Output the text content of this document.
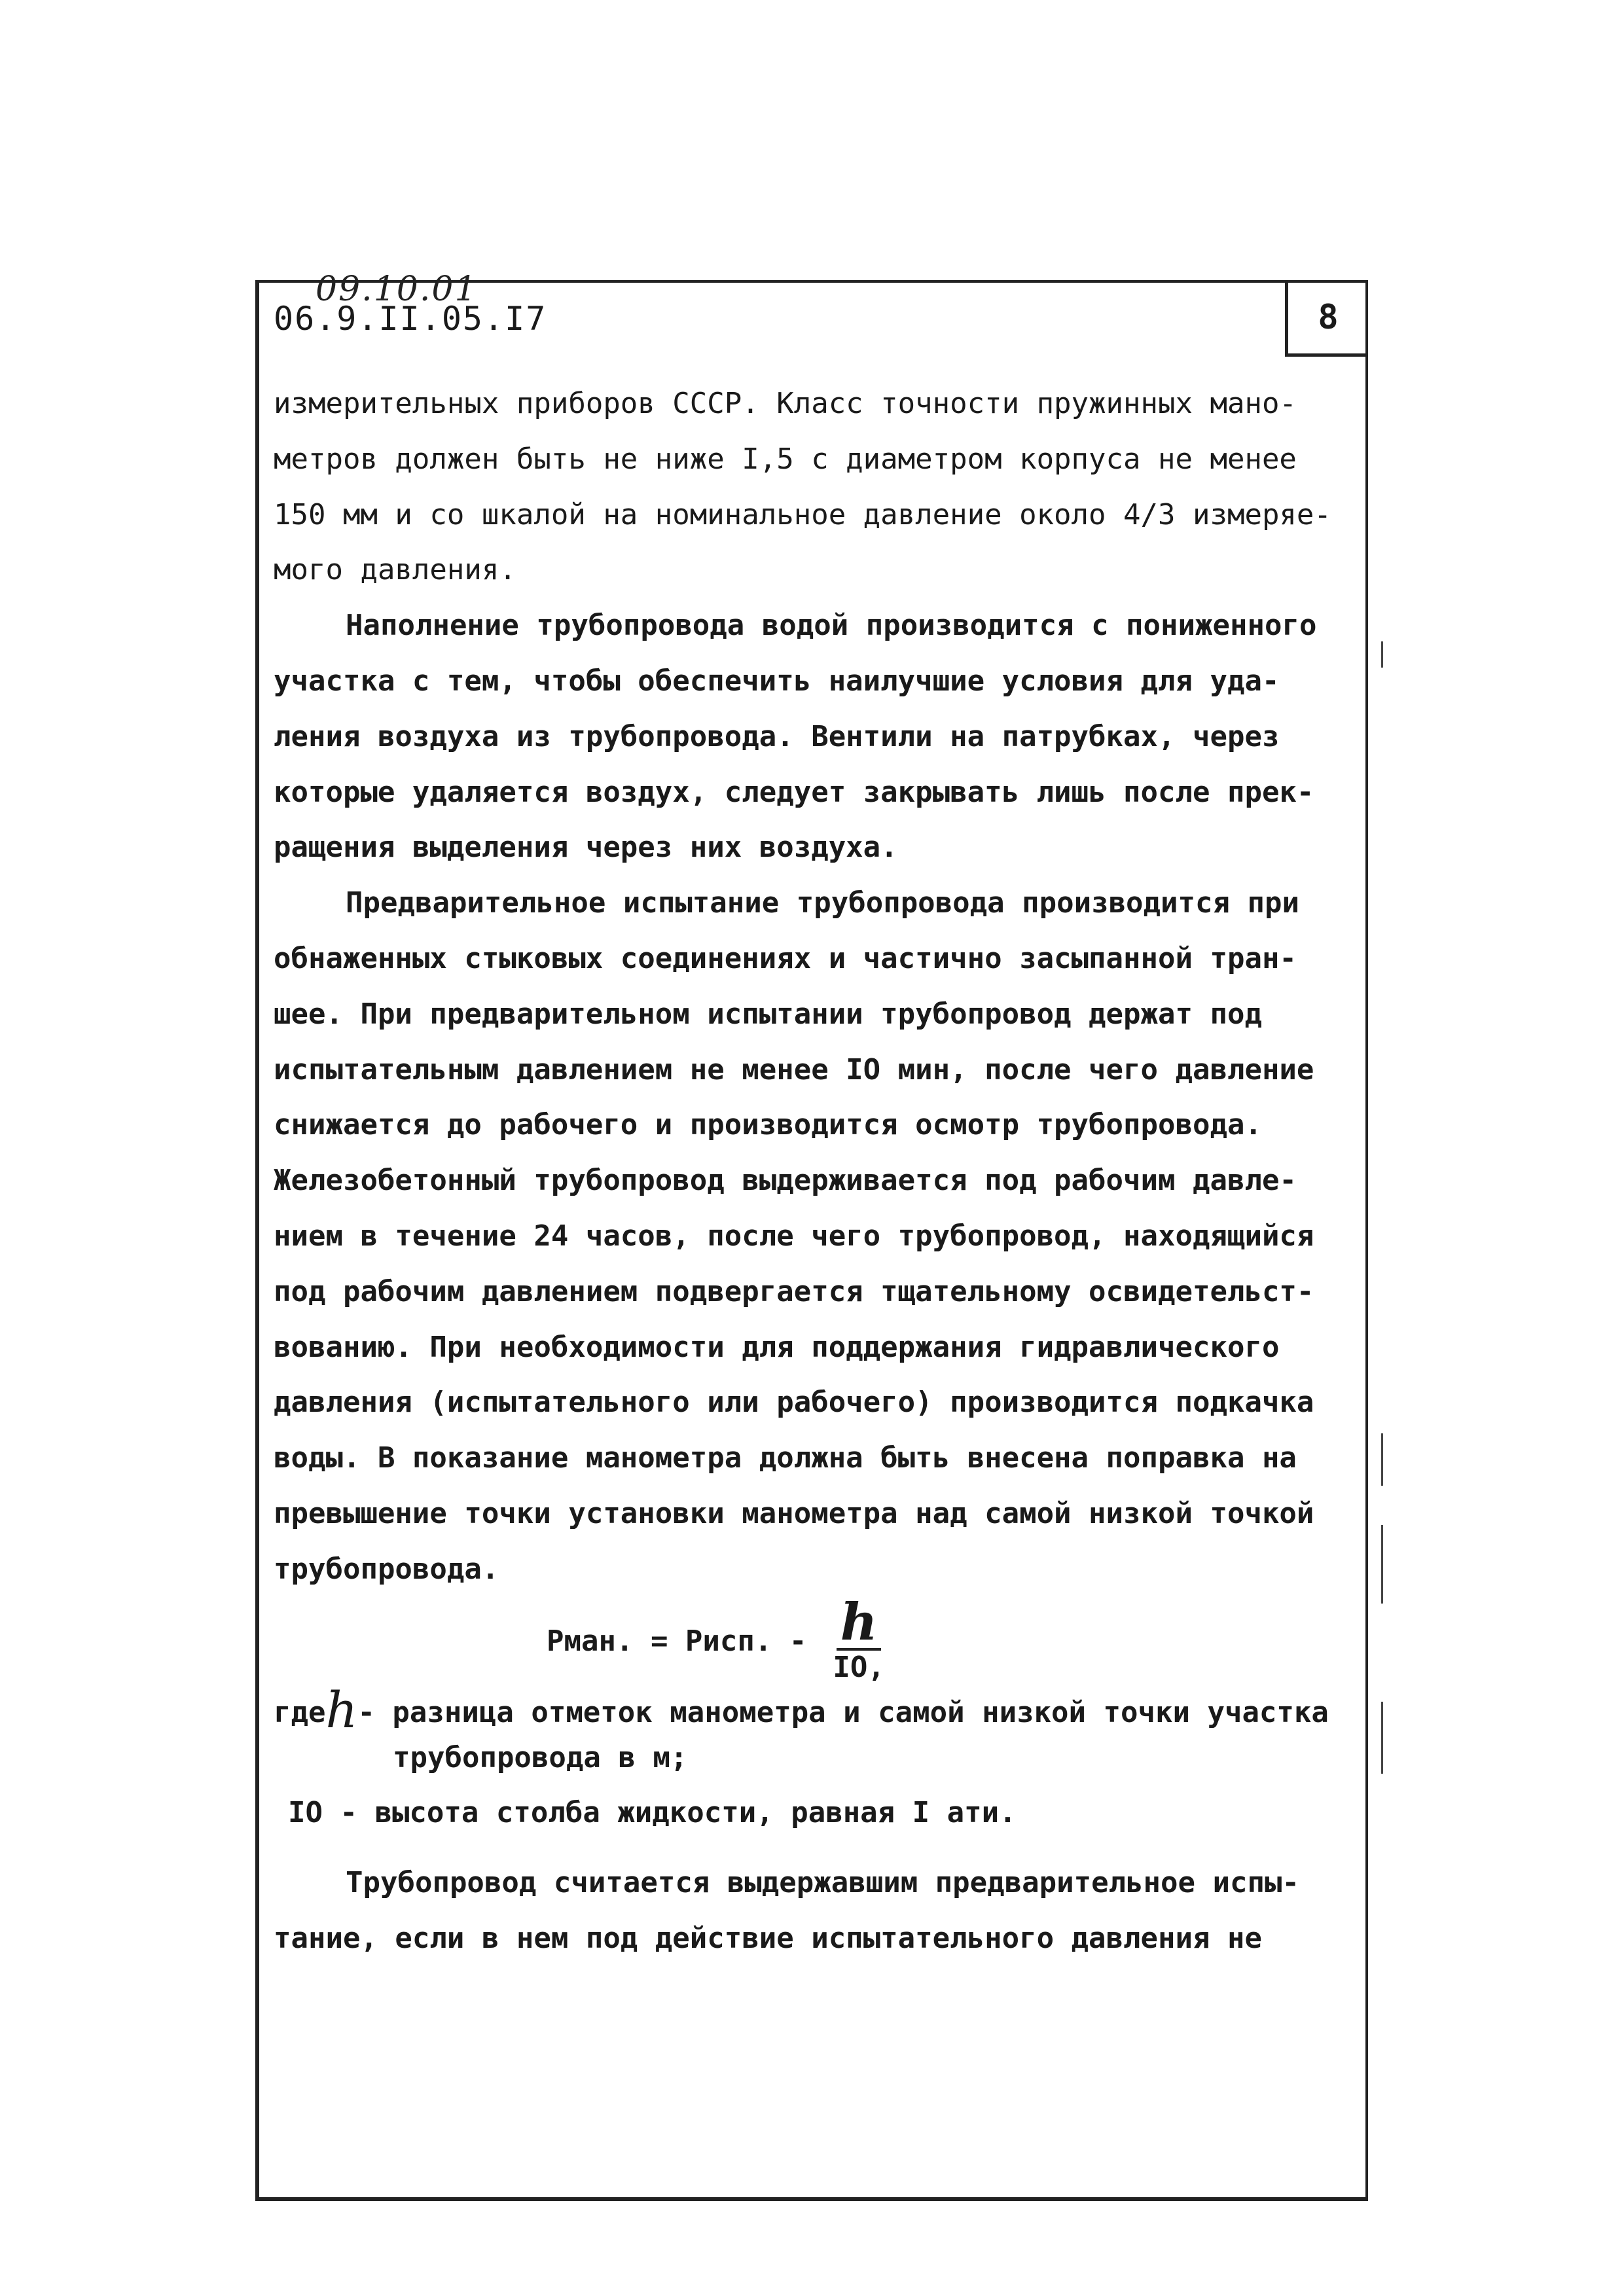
8
09.10.01
06.9.II.05.I7
измерительных приборов СССР. Класс точности пружинных мано-
метров должен быть не ниже I,5 с диаметром корпуса не менее
150 мм и со шкалой на номинальное давление около 4/3 измеряе-
мого давления.
Наполнение трубопровода водой производится с пониженного
участка с тем, чтобы обеспечить наилучшие условия для уда-
ления воздуха из трубопровода. Вентили на патрубках, через
которые удаляется воздух, следует закрывать лишь после прек-
ращения выделения через них воздуха.
Предварительное испытание трубопровода производится при
обнаженных стыковых соединениях и частично засыпанной тран-
шее. При предварительном испытании трубопровод держат под
испытательным давлением не менее IO мин, после чего давление
снижается до рабочего и производится осмотр трубопровода.
Железобетонный трубопровод выдерживается под рабочим давле-
нием в течение 24 часов, после чего трубопровод, находящийся
под рабочим давлением подвергается тщательному освидетельст-
вованию. При необходимости для поддержания гидравлического
давления (испытательного или рабочего) производится подкачка
воды. В показание манометра должна быть внесена поправка на
превышение точки установки манометра над самой низкой точкой
трубопровода.
Рман. = Рисп. - $\frac{h}{IO,}$
гдеh- разница отметок манометра и самой низкой точки участка
трубопровода в м;
IO - высота столба жидкости, равная I ати.
Трубопровод считается выдержавшим предварительное испы-
тание, если в нем под действие испытательного давления не
